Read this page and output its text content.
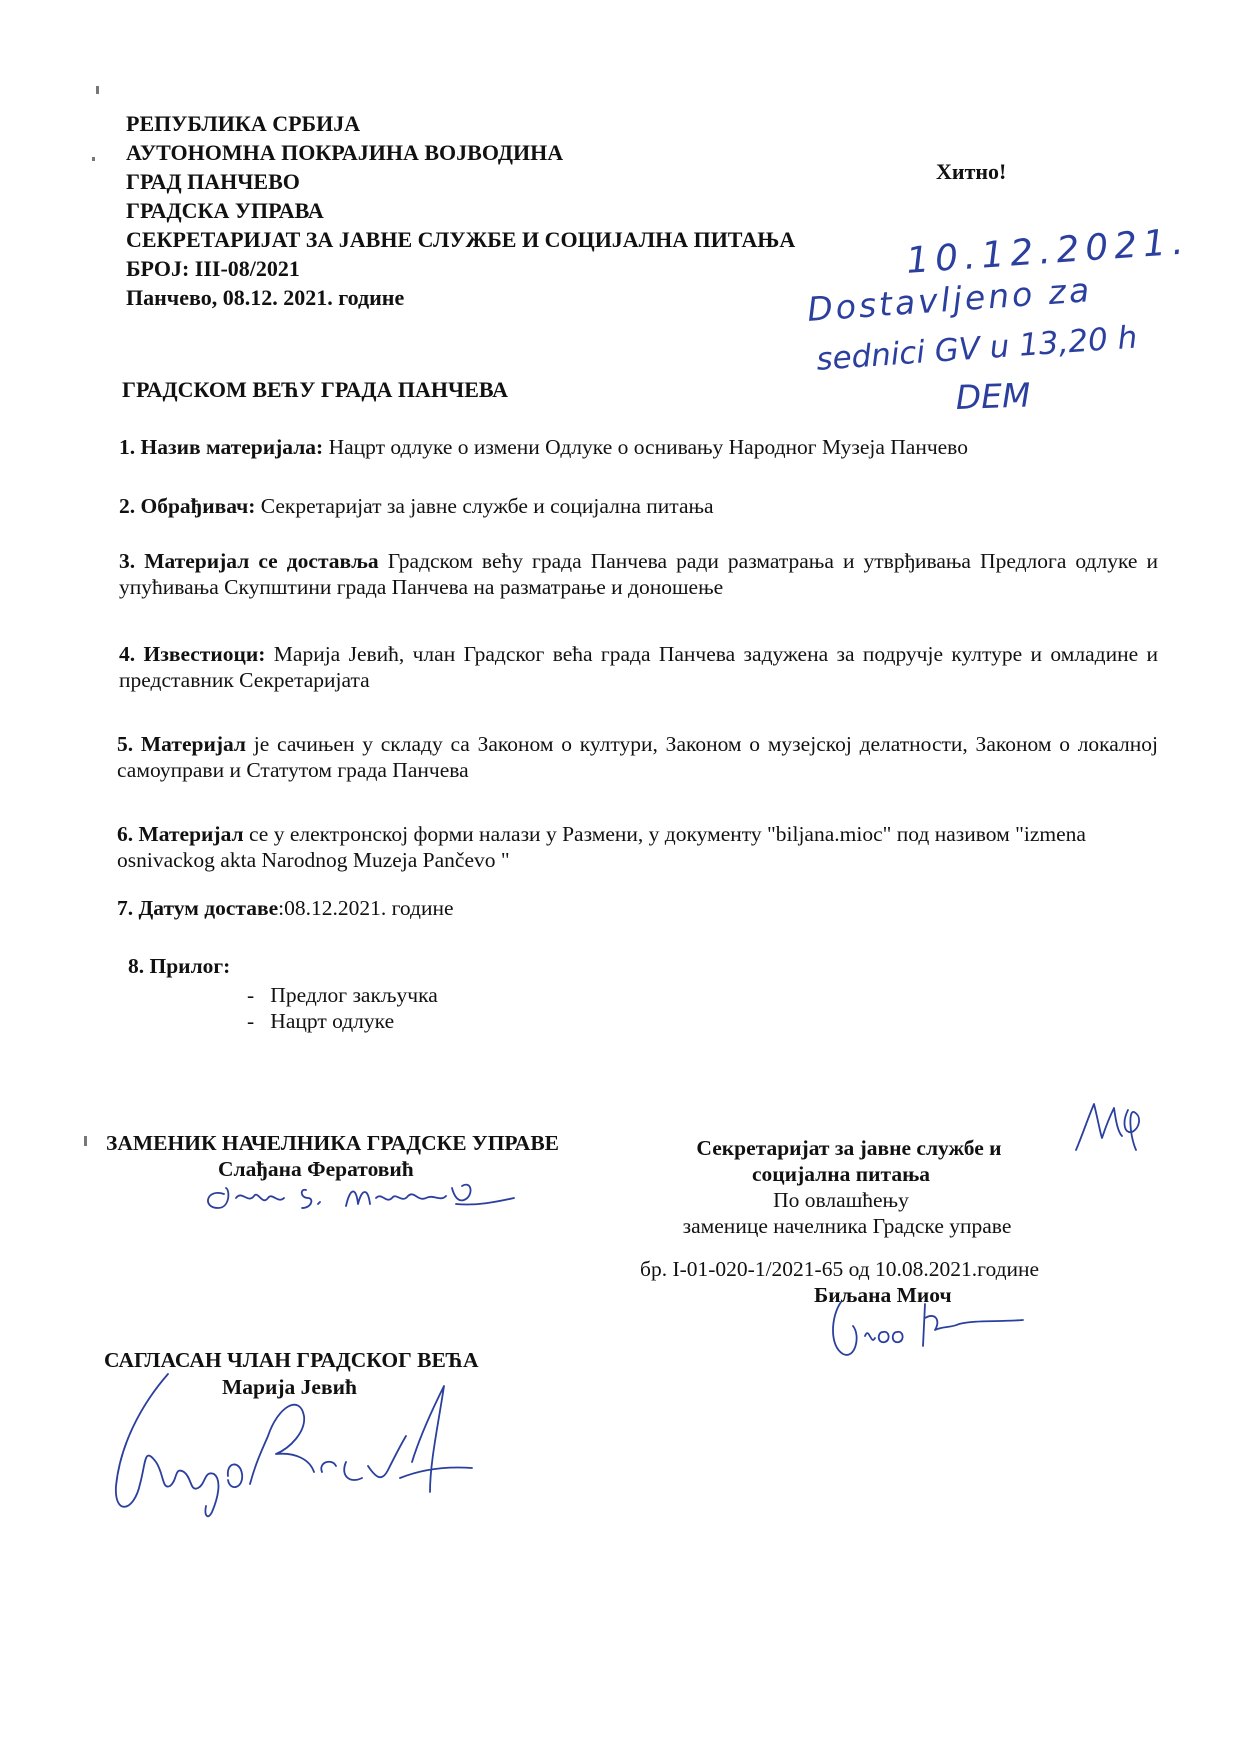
РЕПУБЛИКА СРБИЈА
АУТОНОМНА ПОКРАЈИНА ВОЈВОДИНА
ГРАД ПАНЧЕВО
ГРАДСКА УПРАВА
СЕКРЕТАРИЈАТ ЗА ЈАВНЕ СЛУЖБЕ И СОЦИЈАЛНА ПИТАЊА
БРОЈ: III-08/2021
Панчево, 08.12. 2021. године
Хитно!
10.12.2021.
Dostavljeno za
sednici GV u 13,20 h
DEM
ГРАДСКОМ ВЕЋУ ГРАДА ПАНЧЕВА
1. Назив материјала: Нацрт одлуке о измени Одлуке о оснивању Народног Музеја Панчево
2. Обрађивач: Секретаријат за јавне службе и социјална питања
3. Материјал се доставља Градском већу града Панчева ради разматрања и утврђивања Предлога одлуке и упућивања Скупштини града Панчева на разматрање и доношење
4. Известиоци: Марија Јевић, члан Градског већа града Панчева задужена за подручје културе и омладине и представник Секретаријата
5. Материјал је сачињен у складу са Законом о култури, Законом о музејској делатности, Законом о локалној самоуправи и Статутом града Панчева
6. Материјал се у електронској форми налази у Размени, у документу "biljana.mioc" под називом "izmena osnivackog akta Narodnog Muzeja Pančevo "
7. Датум доставе:08.12.2021. године
8. Прилог:
-   Предлог закључка
-   Нацрт одлуке
ЗАМЕНИК НАЧЕЛНИКА ГРАДСКЕ УПРАВЕ
Слађана Фератовић
Секретаријат за јавне службе и
социјална питања
По овлашћењу
заменице начелника Градске управе
бр. I-01-020-1/2021-65 од 10.08.2021.године
Биљана Миоч
САГЛАСАН ЧЛАН ГРАДСКОГ ВЕЋА
Марија Јевић
